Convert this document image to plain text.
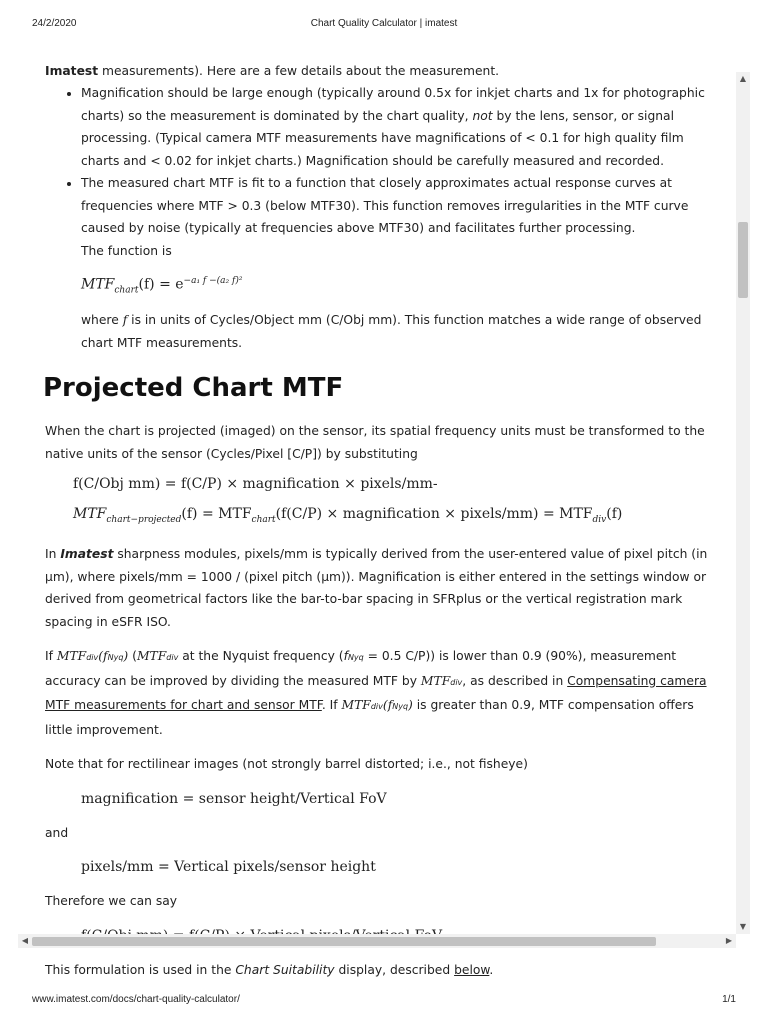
24/2/2020	Chart Quality Calculator | imatest

Imatest measurements). Here are a few details about the measurement.

• Magnification should be large enough (typically around 0.5x for inkjet charts and 1x for photographic charts) so the measurement is dominated by the chart quality, not by the lens, sensor, or signal processing. (Typical camera MTF measurements have magnifications of < 0.1 for high quality film charts and < 0.02 for inkjet charts.) Magnification should be carefully measured and recorded.
• The measured chart MTF is fit to a function that closely approximates actual response curves at frequencies where MTF > 0.3 (below MTF30). This function removes irregularities in the MTF curve caused by noise (typically at frequencies above MTF30) and facilitates further processing.
The function is
$MTF_{chart}(f) = e^{-a_1 f -(a_2 f)^2}$
where f is in units of Cycles/Object mm (C/Obj mm). This function matches a wide range of observed chart MTF measurements.
Projected Chart MTF

When the chart is projected (imaged) on the sensor, its spatial frequency units must be transformed to the native units of the sensor (Cycles/Pixel [C/P]) by substituting

f(C/Obj mm) = f(C/P) × magnification × pixels/mm-
$MTF_{chart-projected}(f) = MTF_{chart}(f(C/P)$ × magnification × pixels/mm) = $MTF_{div}(f)$

In Imatest sharpness modules, pixels/mm is typically derived from the user-entered value of pixel pitch (in µm), where pixels/mm = 1000 / (pixel pitch (µm)). Magnification is either entered in the settings window or derived from geometrical factors like the bar-to-bar spacing in SFRplus or the vertical registration mark spacing in eSFR ISO.

If MTFdiv(fNyq) (MTFdiv at the Nyquist frequency (fNyq = 0.5 C/P)) is lower than 0.9 (90%), measurement accuracy can be improved by dividing the measured MTF by MTFdiv, as described in Compensating camera MTF measurements for chart and sensor MTF. If MTFdiv(fNyq) is greater than 0.9, MTF compensation offers little improvement.

Note that for rectilinear images (not strongly barrel distorted; i.e., not fisheye)

magnification = sensor height/Vertical FoV

and

pixels/mm = Vertical pixels/sensor height

Therefore we can say

This formulation is used in the Chart Suitability display, described below.

▲
▼
◀	▶
www.imatest.com/docs/chart-quality-calculator/	1/1
